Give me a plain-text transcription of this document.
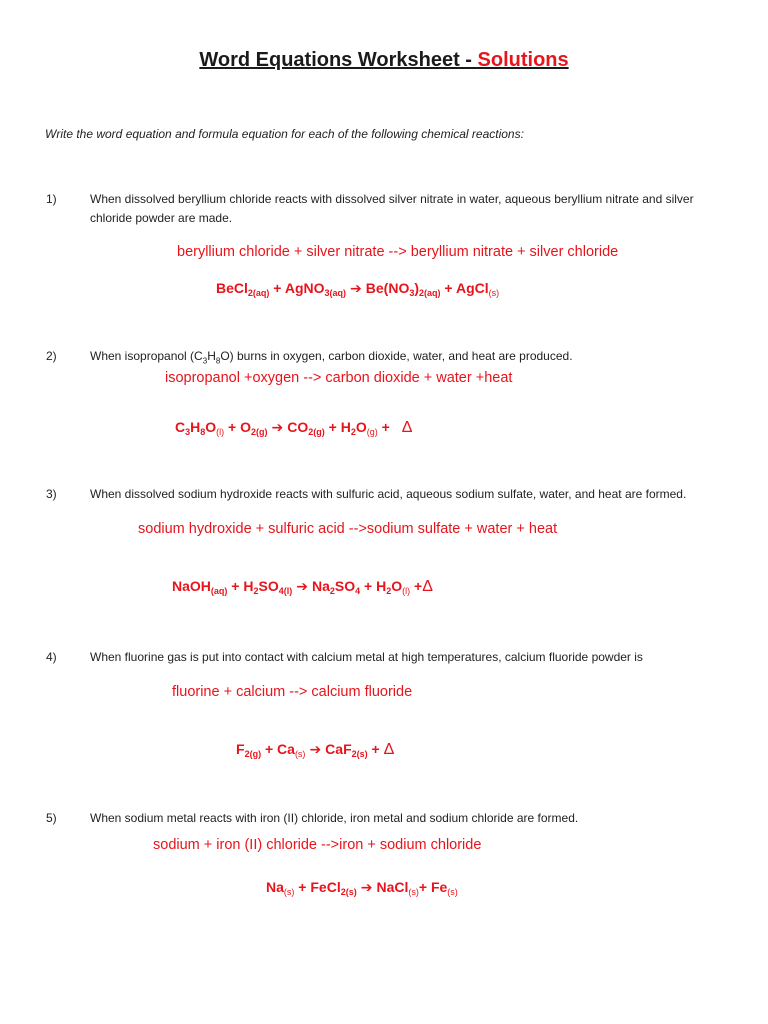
Word Equations Worksheet - Solutions
Write the word equation and formula equation for each of the following chemical reactions:
1)	When dissolved beryllium chloride reacts with dissolved silver nitrate in water, aqueous beryllium nitrate and silver chloride powder are made.
beryllium chloride + silver nitrate --> beryllium nitrate + silver chloride
BeCl$_{2(aq)}$ + AgNO$_{3(aq)}$ ➔ $Be(NO_3)_{2(aq)}$ + AgCl$_{(s)}$
2)	When isopropanol $(C_3H_8O)$ burns in oxygen, carbon dioxide, water, and heat are produced.
isopropanol +oxygen --> carbon dioxide + water +heat
$C_3H_8O_{(l)} + O_{2(g)}$ ➔ $CO_{2(g)} + H_2O_{(g)} + \Delta$
3)	When dissolved sodium hydroxide reacts with sulfuric acid, aqueous sodium sulfate, water, and heat are formed.
sodium hydroxide + sulfuric acid -->sodium sulfate + water + heat
NaOH$_{(aq)}$ + $H_2SO_{4(l)}$ ➔ $Na_2SO_4 + H_2O_{(l)} +\Delta$
4)	When fluorine gas is put into contact with calcium metal at high temperatures, calcium fluoride powder is
fluorine + calcium --> calcium fluoride
$F_{2(g)} + Ca_{(s)}$ ➔ CaF$_{2(s)}$ + Δ
5)	When sodium metal reacts with iron (II) chloride, iron metal and sodium chloride are formed.
sodium + iron (II) chloride -->iron + sodium chloride
$Na_{(s)}$ + FeCl$_{2(s)}$ ➔ NaCl$_{(s)}$+ $Fe_{(s)}$
